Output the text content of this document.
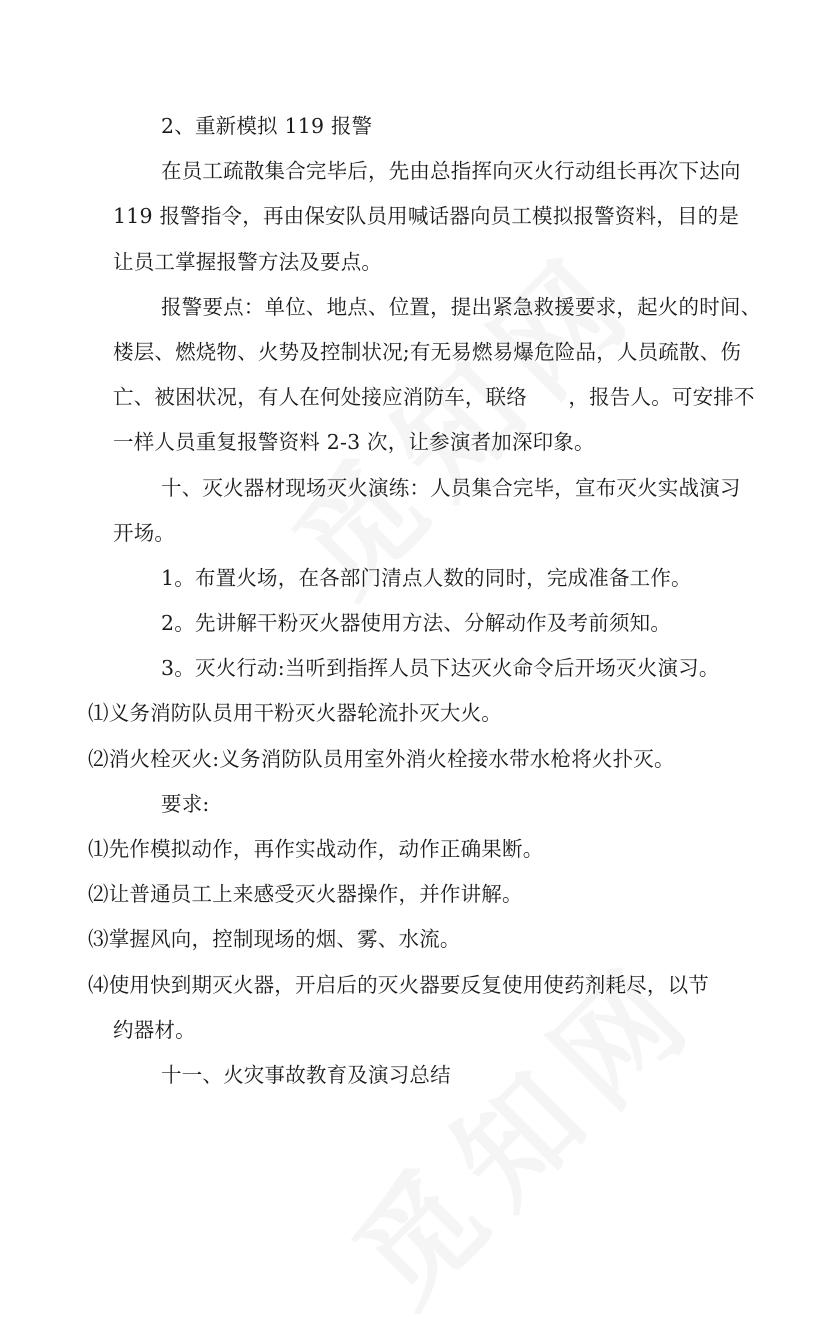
2、重新模拟 119 报警

在员工疏散集合完毕后，先由总指挥向灭火行动组长再次下达向

119 报警指令，再由保安队员用喊话器向员工模拟报警资料，目的是

让员工掌握报警方法及要点。

报警要点：单位、地点、位置，提出紧急救援要求，起火的时间、

楼层、燃烧物、火势及控制状况;有无易燃易爆危险品，人员疏散、伤

亡、被困状况，有人在何处接应消防车，联络　　，报告人。可安排不

一样人员重复报警资料 2-3 次，让参演者加深印象。

十、灭火器材现场灭火演练：人员集合完毕，宣布灭火实战演习

开场。

1。布置火场，在各部门清点人数的同时，完成准备工作。

2。先讲解干粉灭火器使用方法、分解动作及考前须知。

3。灭火行动:当听到指挥人员下达灭火命令后开场灭火演习。

⑴义务消防队员用干粉灭火器轮流扑灭大火。

⑵消火栓灭火:义务消防队员用室外消火栓接水带水枪将火扑灭。

要求:

⑴先作模拟动作，再作实战动作，动作正确果断。

⑵让普通员工上来感受灭火器操作，并作讲解。

⑶掌握风向，控制现场的烟、雾、水流。

⑷使用快到期灭火器，开启后的灭火器要反复使用使药剂耗尽，以节

约器材。

十一、火灾事故教育及演习总结
